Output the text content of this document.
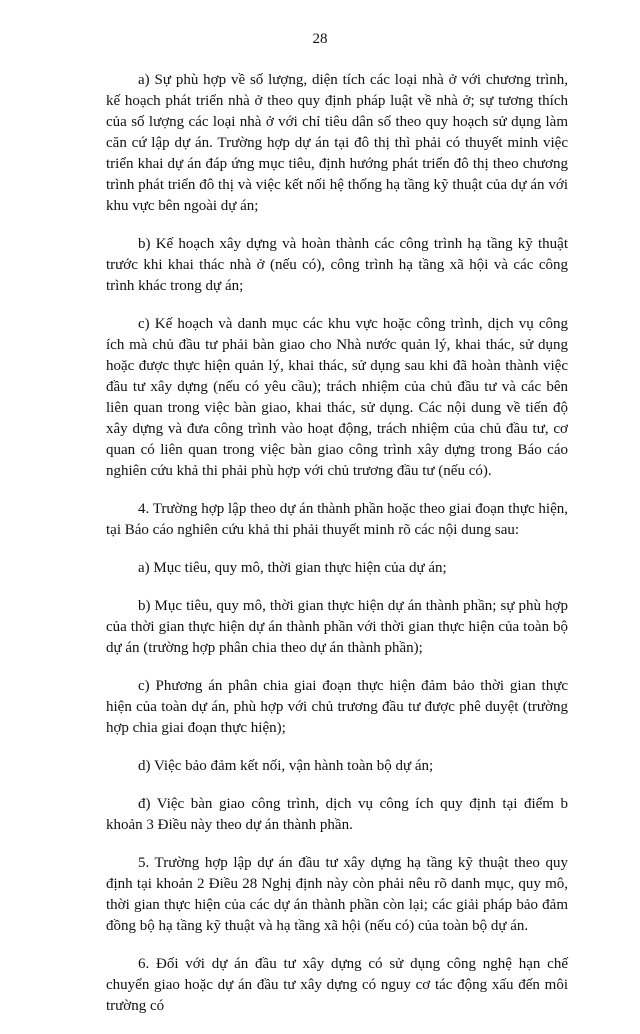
28

a) Sự phù hợp về số lượng, diện tích các loại nhà ở với chương trình, kế hoạch phát triển nhà ở theo quy định pháp luật về nhà ở; sự tương thích của số lượng các loại nhà ở với chỉ tiêu dân số theo quy hoạch sử dụng làm căn cứ lập dự án. Trường hợp dự án tại đô thị thì phải có thuyết minh việc triển khai dự án đáp ứng mục tiêu, định hướng phát triển đô thị theo chương trình phát triển đô thị và việc kết nối hệ thống hạ tầng kỹ thuật của dự án với khu vực bên ngoài dự án;

b) Kế hoạch xây dựng và hoàn thành các công trình hạ tầng kỹ thuật trước khi khai thác nhà ở (nếu có), công trình hạ tầng xã hội và các công trình khác trong dự án;

c) Kế hoạch và danh mục các khu vực hoặc công trình, dịch vụ công ích mà chủ đầu tư phải bàn giao cho Nhà nước quản lý, khai thác, sử dụng hoặc được thực hiện quản lý, khai thác, sử dụng sau khi đã hoàn thành việc đầu tư xây dựng (nếu có yêu cầu); trách nhiệm của chủ đầu tư và các bên liên quan trong việc bàn giao, khai thác, sử dụng. Các nội dung về tiến độ xây dựng và đưa công trình vào hoạt động, trách nhiệm của chủ đầu tư, cơ quan có liên quan trong việc bàn giao công trình xây dựng trong Báo cáo nghiên cứu khả thi phải phù hợp với chủ trương đầu tư (nếu có).

4. Trường hợp lập theo dự án thành phần hoặc theo giai đoạn thực hiện, tại Báo cáo nghiên cứu khả thi phải thuyết minh rõ các nội dung sau:

a) Mục tiêu, quy mô, thời gian thực hiện của dự án;

b) Mục tiêu, quy mô, thời gian thực hiện dự án thành phần; sự phù hợp của thời gian thực hiện dự án thành phần với thời gian thực hiện của toàn bộ dự án (trường hợp phân chia theo dự án thành phần);

c) Phương án phân chia giai đoạn thực hiện đảm bảo thời gian thực hiện của toàn dự án, phù hợp với chủ trương đầu tư được phê duyệt (trường hợp chia giai đoạn thực hiện);

d) Việc bảo đảm kết nối, vận hành toàn bộ dự án;

đ) Việc bàn giao công trình, dịch vụ công ích quy định tại điểm b khoản 3 Điều này theo dự án thành phần.

5. Trường hợp lập dự án đầu tư xây dựng hạ tầng kỹ thuật theo quy định tại khoản 2 Điều 28 Nghị định này còn phải nêu rõ danh mục, quy mô, thời gian thực hiện của các dự án thành phần còn lại; các giải pháp bảo đảm đồng bộ hạ tầng kỹ thuật và hạ tầng xã hội (nếu có) của toàn bộ dự án.

6. Đối với dự án đầu tư xây dựng có sử dụng công nghệ hạn chế chuyển giao hoặc dự án đầu tư xây dựng có nguy cơ tác động xấu đến môi trường có
